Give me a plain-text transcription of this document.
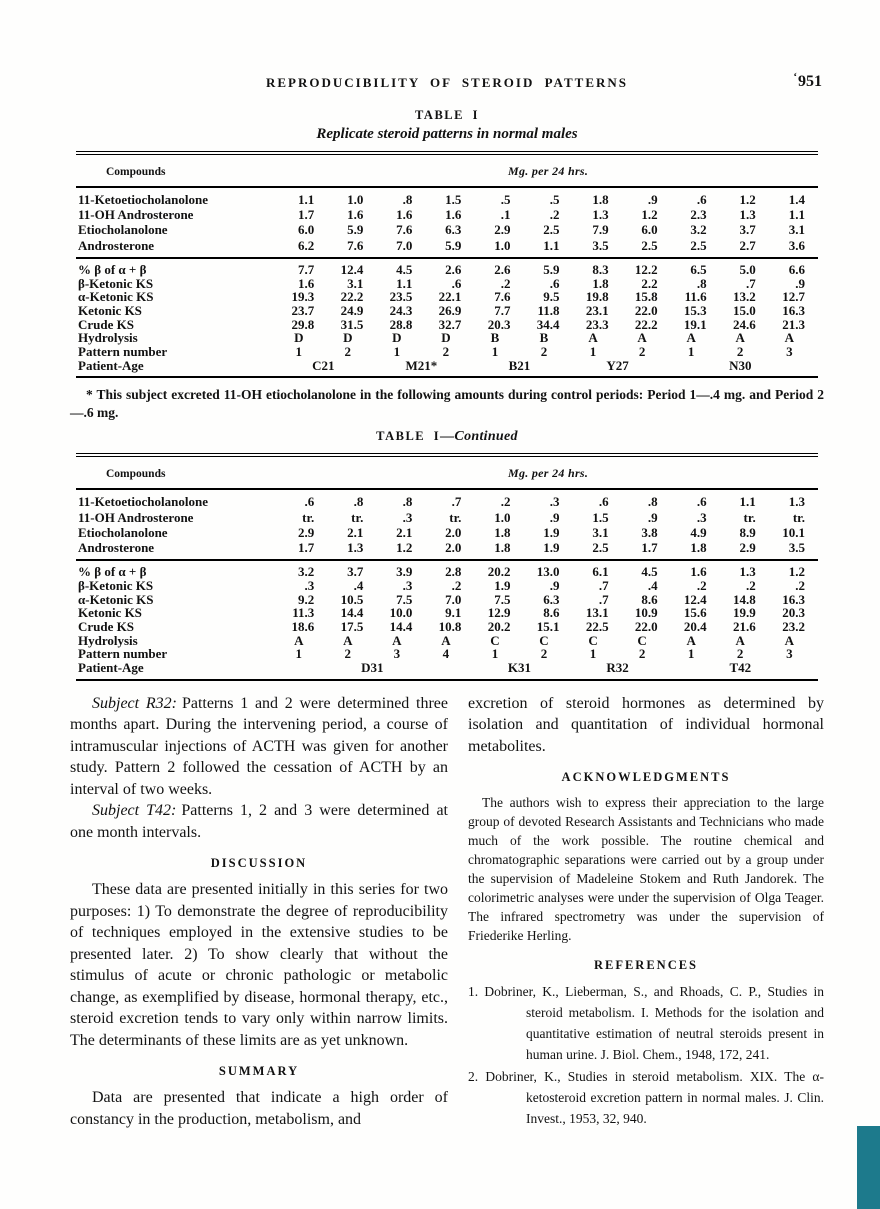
REPRODUCIBILITY OF STEROID PATTERNS	‘951
TABLE I
Replicate steroid patterns in normal males
Compounds	Mg. per 24 hrs.										
11-Ketoetiocholanolone	1.1	1.0	.8	1.5	.5	.5	1.8	.9	.6	1.2	1.4
11-OH Androsterone	1.7	1.6	1.6	1.6	.1	.2	1.3	1.2	2.3	1.3	1.1
Etiocholanolone	6.0	5.9	7.6	6.3	2.9	2.5	7.9	6.0	3.2	3.7	3.1
Androsterone	6.2	7.6	7.0	5.9	1.0	1.1	3.5	2.5	2.5	2.7	3.6
% β of α + β	7.7	12.4	4.5	2.6	2.6	5.9	8.3	12.2	6.5	5.0	6.6
β-Ketonic KS	1.6	3.1	1.1	.6	.2	.6	1.8	2.2	.8	.7	.9
α-Ketonic KS	19.3	22.2	23.5	22.1	7.6	9.5	19.8	15.8	11.6	13.2	12.7
Ketonic KS	23.7	24.9	24.3	26.9	7.7	11.8	23.1	22.0	15.3	15.0	16.3
Crude KS	29.8	31.5	28.8	32.7	20.3	34.4	23.3	22.2	19.1	24.6	21.3
Hydrolysis	D	D	D	D	B	B	A	A	A	A	A
Pattern number	1	2	1	2	1	2	1	2	1	2	3
Patient-Age	C21		M21*		B21		Y27		N30		

* This subject excreted 11-OH etiocholanolone in the following amounts during control periods: Period 1—.4 mg. and Period 2—.6 mg.

TABLE I—Continued
Compounds	Mg. per 24 hrs.										
11-Ketoetiocholanolone	.6	.8	.8	.7	.2	.3	.6	.8	.6	1.1	1.3
11-OH Androsterone	tr.	tr.	.3	tr.	1.0	.9	1.5	.9	.3	tr.	tr.
Etiocholanolone	2.9	2.1	2.1	2.0	1.8	1.9	3.1	3.8	4.9	8.9	10.1
Androsterone	1.7	1.3	1.2	2.0	1.8	1.9	2.5	1.7	1.8	2.9	3.5
% β of α + β	3.2	3.7	3.9	2.8	20.2	13.0	6.1	4.5	1.6	1.3	1.2
β-Ketonic KS	.3	.4	.3	.2	1.9	.9	.7	.4	.2	.2	.2
α-Ketonic KS	9.2	10.5	7.5	7.0	7.5	6.3	.7	8.6	12.4	14.8	16.3
Ketonic KS	11.3	14.4	10.0	9.1	12.9	8.6	13.1	10.9	15.6	19.9	20.3
Crude KS	18.6	17.5	14.4	10.8	20.2	15.1	22.5	22.0	20.4	21.6	23.2
Hydrolysis	A	A	A	A	C	C	C	C	A	A	A
Pattern number	1	2	3	4	1	2	1	2	1	2	3
Patient-Age	D31				K31		R32		T42		

Subject R32: Patterns 1 and 2 were determined three months apart. During the intervening period, a course of intramuscular injections of ACTH was given for another study. Pattern 2 followed the cessation of ACTH by an interval of two weeks.

Subject T42: Patterns 1, 2 and 3 were determined at one month intervals.

DISCUSSION

These data are presented initially in this series for two purposes: 1) To demonstrate the degree of reproducibility of techniques employed in the extensive studies to be presented later. 2) To show clearly that without the stimulus of acute or chronic pathologic or metabolic change, as exemplified by disease, hormonal therapy, etc., steroid excretion tends to vary only within narrow limits. The determinants of these limits are as yet unknown.

SUMMARY

Data are presented that indicate a high order of constancy in the production, metabolism, and

excretion of steroid hormones as determined by isolation and quantitation of individual hormonal metabolites.

ACKNOWLEDGMENTS

The authors wish to express their appreciation to the large group of devoted Research Assistants and Technicians who made much of the work possible. The routine chemical and chromatographic separations were carried out by a group under the supervision of Madeleine Stokem and Ruth Jandorek. The colorimetric analyses were under the supervision of Olga Teager. The infrared spectrometry was under the supervision of Friederike Herling.

REFERENCES

1. Dobriner, K., Lieberman, S., and Rhoads, C. P., Studies in steroid metabolism. I. Methods for the isolation and quantitative estimation of neutral steroids present in human urine. J. Biol. Chem., 1948, 172, 241.

2. Dobriner, K., Studies in steroid metabolism. XIX. The α-ketosteroid excretion pattern in normal males. J. Clin. Invest., 1953, 32, 940.
